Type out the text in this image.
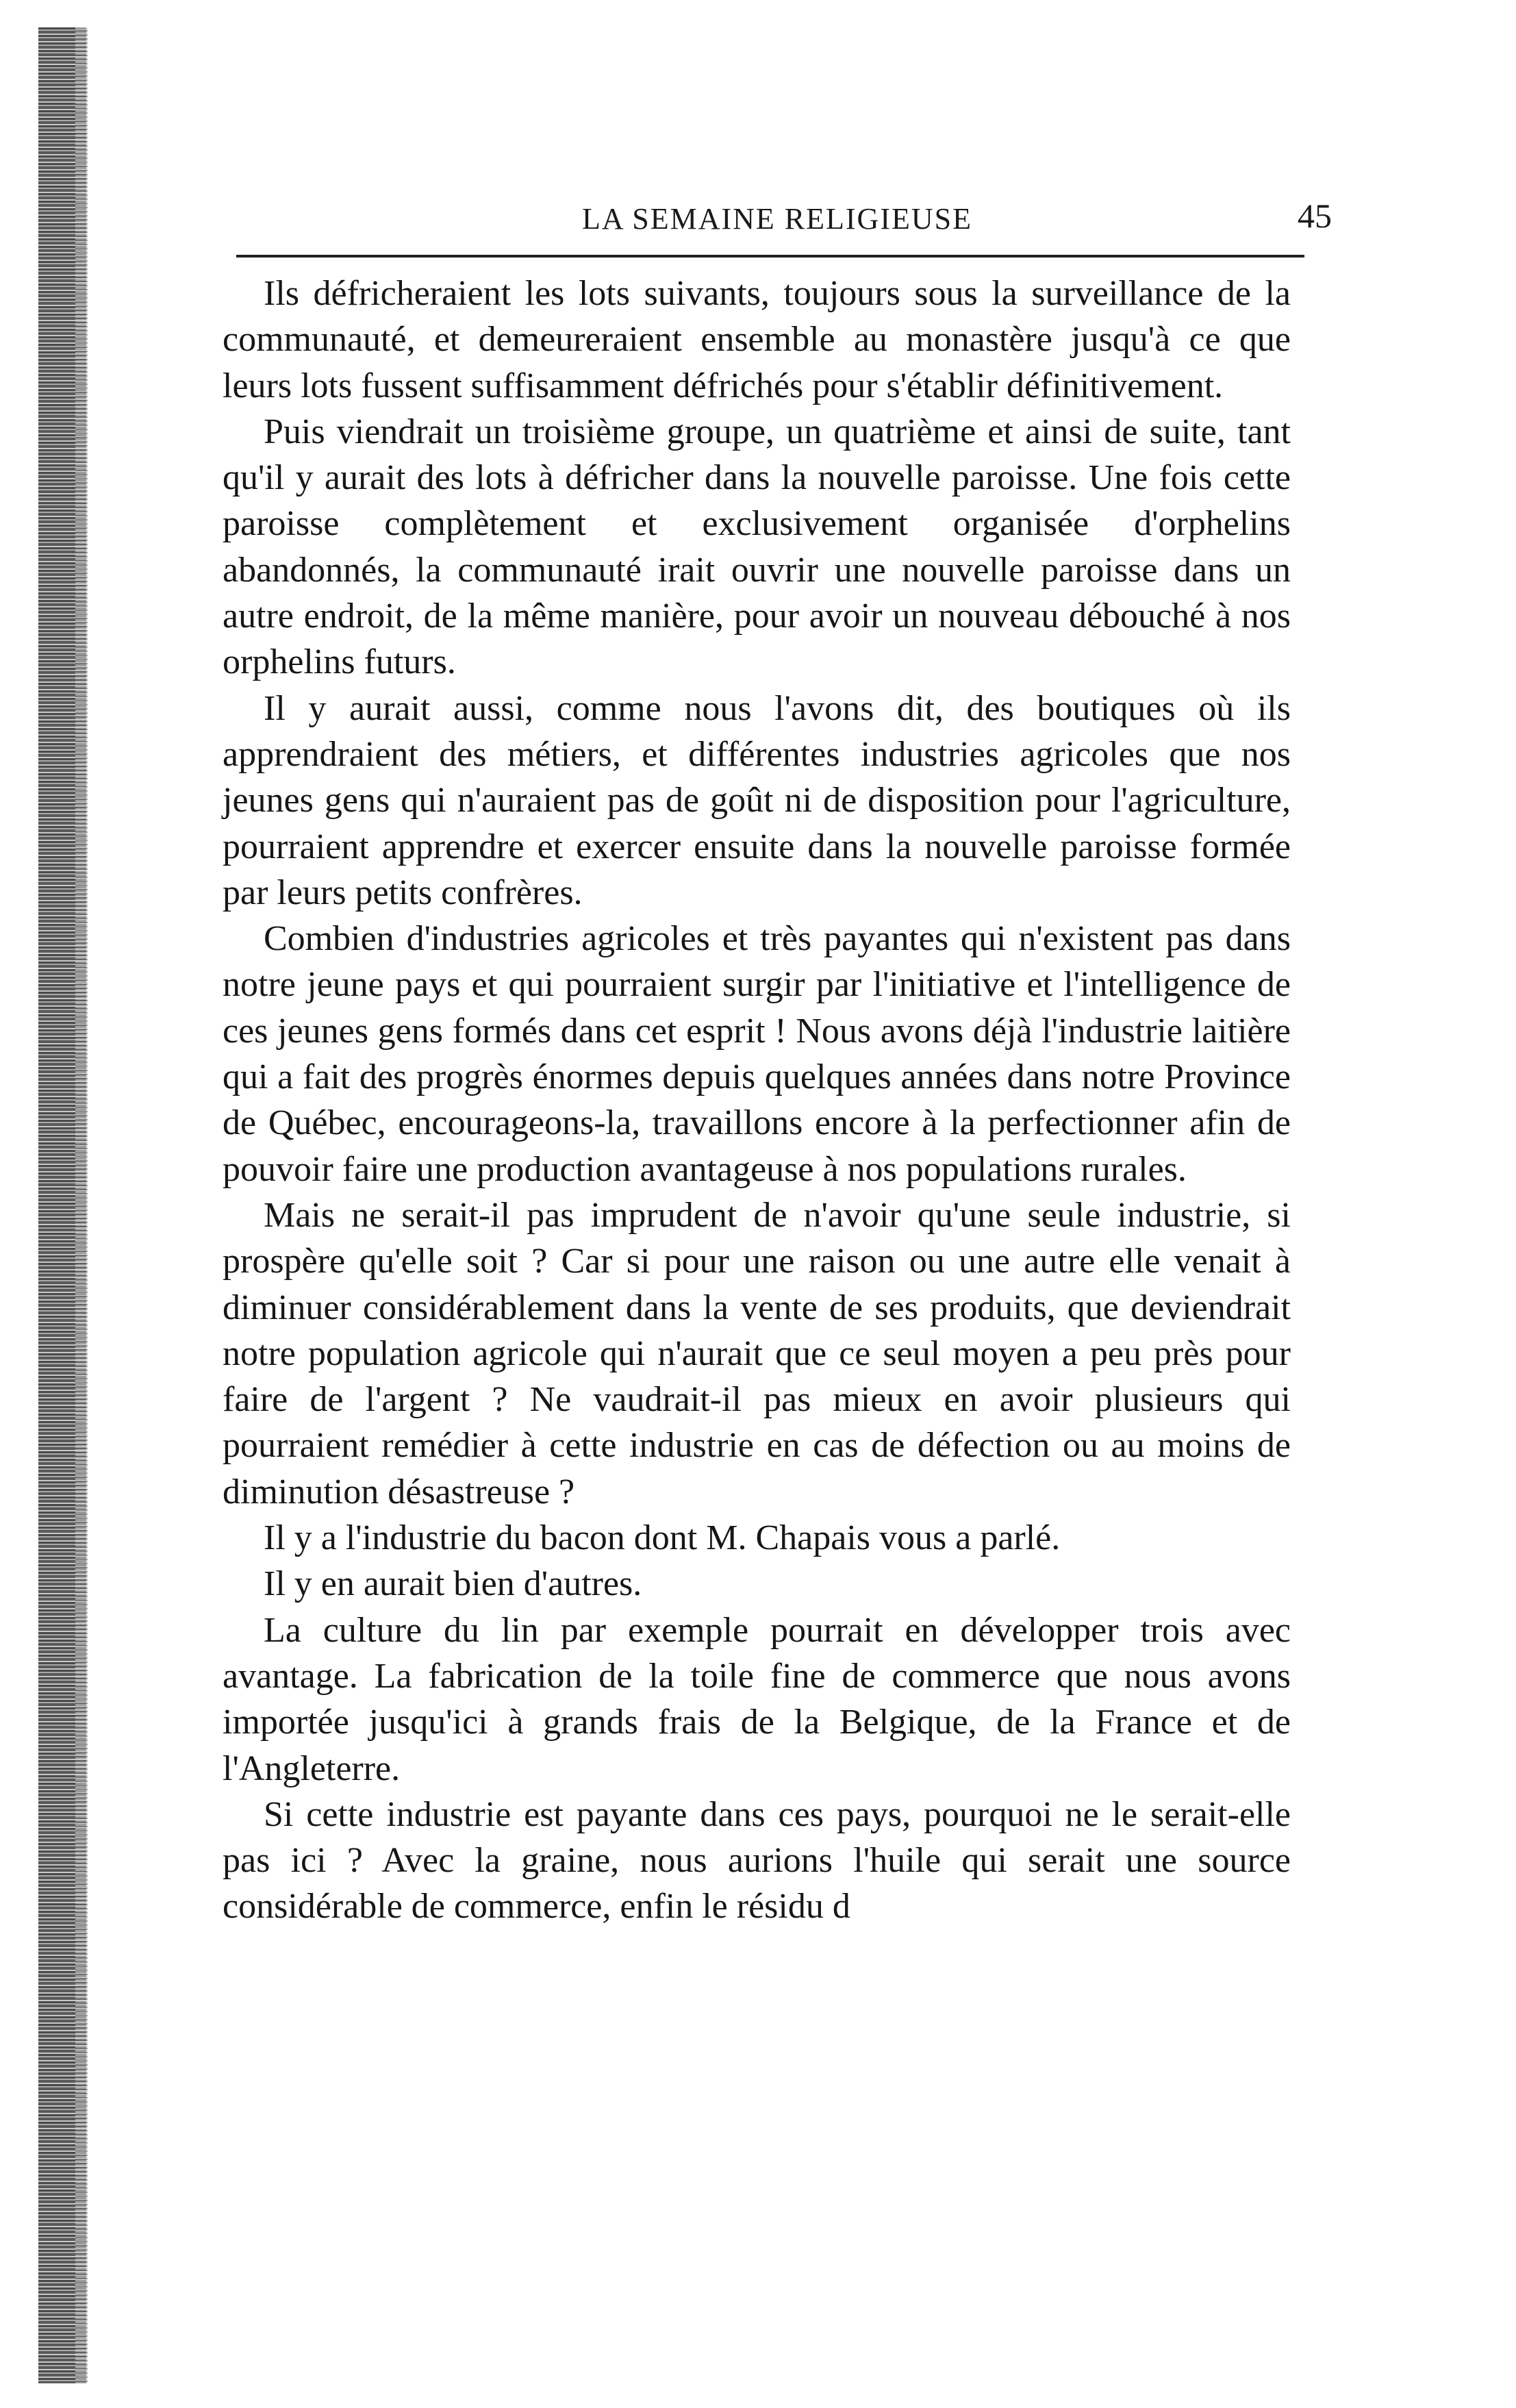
LA SEMAINE RELIGIEUSE	45

Ils défricheraient les lots suivants, toujours sous la surveillance de la communauté, et demeureraient ensemble au monastère jusqu'à ce que leurs lots fussent suffisamment défrichés pour s'établir définitivement.

Puis viendrait un troisième groupe, un quatrième et ainsi de suite, tant qu'il y aurait des lots à défricher dans la nouvelle paroisse. Une fois cette paroisse complètement et exclusivement organisée d'orphelins abandonnés, la communauté irait ouvrir une nouvelle paroisse dans un autre endroit, de la même manière, pour avoir un nouveau débouché à nos orphelins futurs.

Il y aurait aussi, comme nous l'avons dit, des boutiques où ils apprendraient des métiers, et différentes industries agricoles que nos jeunes gens qui n'auraient pas de goût ni de disposition pour l'agriculture, pourraient apprendre et exercer ensuite dans la nouvelle paroisse formée par leurs petits confrères.

Combien d'industries agricoles et très payantes qui n'existent pas dans notre jeune pays et qui pourraient surgir par l'initiative et l'intelligence de ces jeunes gens formés dans cet esprit ! Nous avons déjà l'industrie laitière qui a fait des progrès énormes depuis quelques années dans notre Province de Québec, encourageons-la, travaillons encore à la perfectionner afin de pouvoir faire une production avantageuse à nos populations rurales.

Mais ne serait-il pas imprudent de n'avoir qu'une seule industrie, si prospère qu'elle soit ? Car si pour une raison ou une autre elle venait à diminuer considérablement dans la vente de ses produits, que deviendrait notre population agricole qui n'aurait que ce seul moyen a peu près pour faire de l'argent ? Ne vaudrait-il pas mieux en avoir plusieurs qui pourraient remédier à cette industrie en cas de défection ou au moins de diminution désastreuse ?

Il y a l'industrie du bacon dont M. Chapais vous a parlé.

Il y en aurait bien d'autres.

La culture du lin par exemple pourrait en développer trois avec avantage. La fabrication de la toile fine de commerce que nous avons importée jusqu'ici à grands frais de la Belgique, de la France et de l'Angleterre.

Si cette industrie est payante dans ces pays, pourquoi ne le serait-elle pas ici ? Avec la graine, nous aurions l'huile qui serait une source considérable de commerce, enfin le résidu d
